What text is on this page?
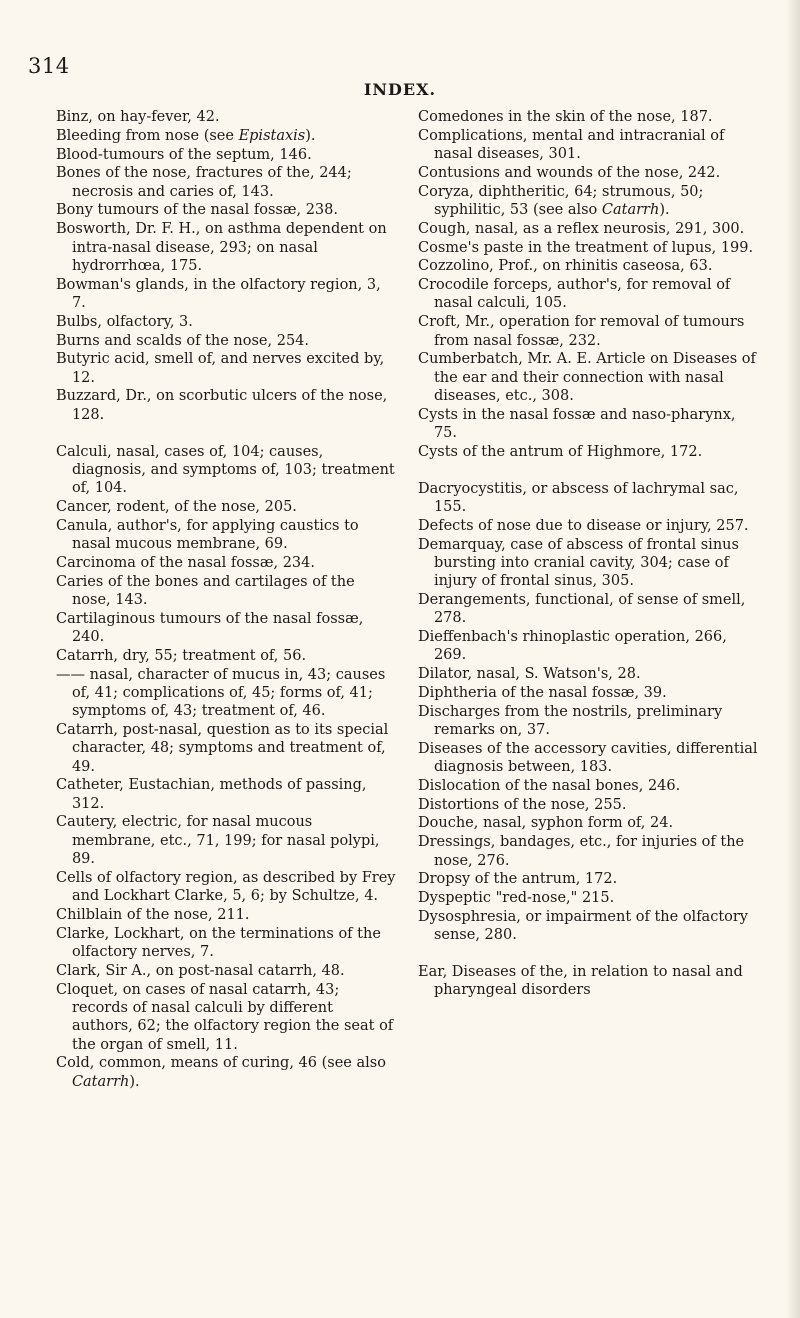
314
INDEX.
Binz, on hay-fever, 42.
Bleeding from nose (see Epistaxis).
Blood-tumours of the septum, 146.
Bones of the nose, fractures of the, 244; necrosis and caries of, 143.
Bony tumours of the nasal fossæ, 238.
Bosworth, Dr. F. H., on asthma dependent on intra-nasal disease, 293; on nasal hydrorrhœa, 175.
Bowman's glands, in the olfactory region, 3, 7.
Bulbs, olfactory, 3.
Burns and scalds of the nose, 254.
Butyric acid, smell of, and nerves excited by, 12.
Buzzard, Dr., on scorbutic ulcers of the nose, 128.
Calculi, nasal, cases of, 104; causes, diagnosis, and symptoms of, 103; treatment of, 104.
Cancer, rodent, of the nose, 205.
Canula, author's, for applying caustics to nasal mucous membrane, 69.
Carcinoma of the nasal fossæ, 234.
Caries of the bones and cartilages of the nose, 143.
Cartilaginous tumours of the nasal fossæ, 240.
Catarrh, dry, 55; treatment of, 56.
—— nasal, character of mucus in, 43; causes of, 41; complications of, 45; forms of, 41; symptoms of, 43; treatment of, 46.
Catarrh, post-nasal, question as to its special character, 48; symptoms and treatment of, 49.
Catheter, Eustachian, methods of passing, 312.
Cautery, electric, for nasal mucous membrane, etc., 71, 199; for nasal polypi, 89.
Cells of olfactory region, as described by Frey and Lockhart Clarke, 5, 6; by Schultze, 4.
Chilblain of the nose, 211.
Clarke, Lockhart, on the terminations of the olfactory nerves, 7.
Clark, Sir A., on post-nasal catarrh, 48.
Cloquet, on cases of nasal catarrh, 43; records of nasal calculi by different authors, 62; the olfactory region the seat of the organ of smell, 11.
Cold, common, means of curing, 46 (see also Catarrh).
Comedones in the skin of the nose, 187.
Complications, mental and intracranial of nasal diseases, 301.
Contusions and wounds of the nose, 242.
Coryza, diphtheritic, 64; strumous, 50; syphilitic, 53 (see also Catarrh).
Cough, nasal, as a reflex neurosis, 291, 300.
Cosme's paste in the treatment of lupus, 199.
Cozzolino, Prof., on rhinitis caseosa, 63.
Crocodile forceps, author's, for removal of nasal calculi, 105.
Croft, Mr., operation for removal of tumours from nasal fossæ, 232.
Cumberbatch, Mr. A. E. Article on Diseases of the ear and their connection with nasal diseases, etc., 308.
Cysts in the nasal fossæ and naso-pharynx, 75.
Cysts of the antrum of Highmore, 172.
Dacryocystitis, or abscess of lachrymal sac, 155.
Defects of nose due to disease or injury, 257.
Demarquay, case of abscess of frontal sinus bursting into cranial cavity, 304; case of injury of frontal sinus, 305.
Derangements, functional, of sense of smell, 278.
Dieffenbach's rhinoplastic operation, 266, 269.
Dilator, nasal, S. Watson's, 28.
Diphtheria of the nasal fossæ, 39.
Discharges from the nostrils, preliminary remarks on, 37.
Diseases of the accessory cavities, differential diagnosis between, 183.
Dislocation of the nasal bones, 246.
Distortions of the nose, 255.
Douche, nasal, syphon form of, 24.
Dressings, bandages, etc., for injuries of the nose, 276.
Dropsy of the antrum, 172.
Dyspeptic "red-nose," 215.
Dysosphresia, or impairment of the olfactory sense, 280.
Ear, Diseases of the, in relation to nasal and pharyngeal disorders
